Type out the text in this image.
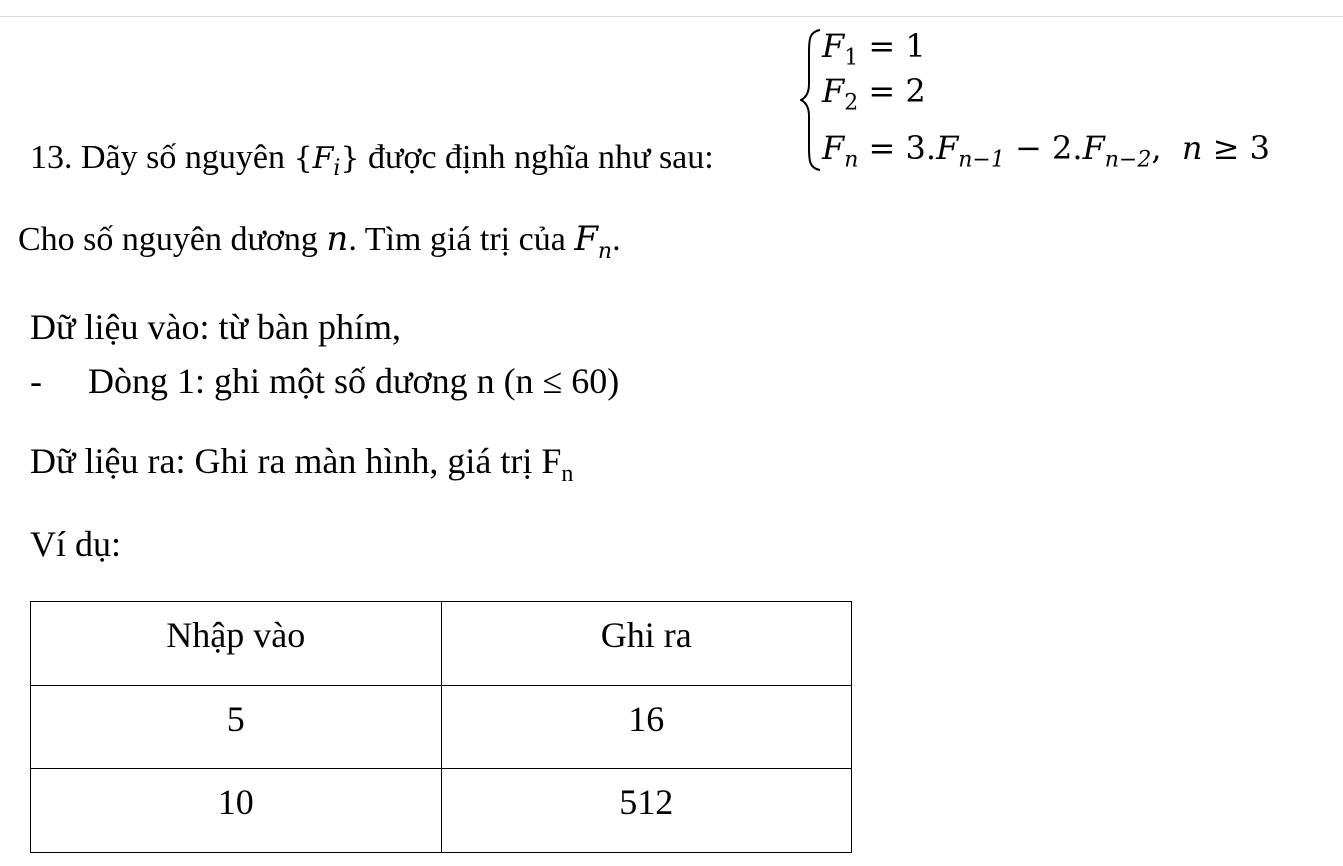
13. Dãy số nguyên $\{F_i\}$ được định nghĩa như sau:
$F_1 = 1$
$F_2 = 2$
$F_n = 3.F_{n-1} - 2.F_{n-2}$, n ≥ 3
Cho số nguyên dương n. Tìm giá trị của $F_n$.
Dữ liệu vào: từ bàn phím,
- Dòng 1: ghi một số dương n (n ≤ 60)
Dữ liệu ra: Ghi ra màn hình, giá trị $F_n$
Ví dụ:
Nhập vào	Ghi ra
5	16
10	512
